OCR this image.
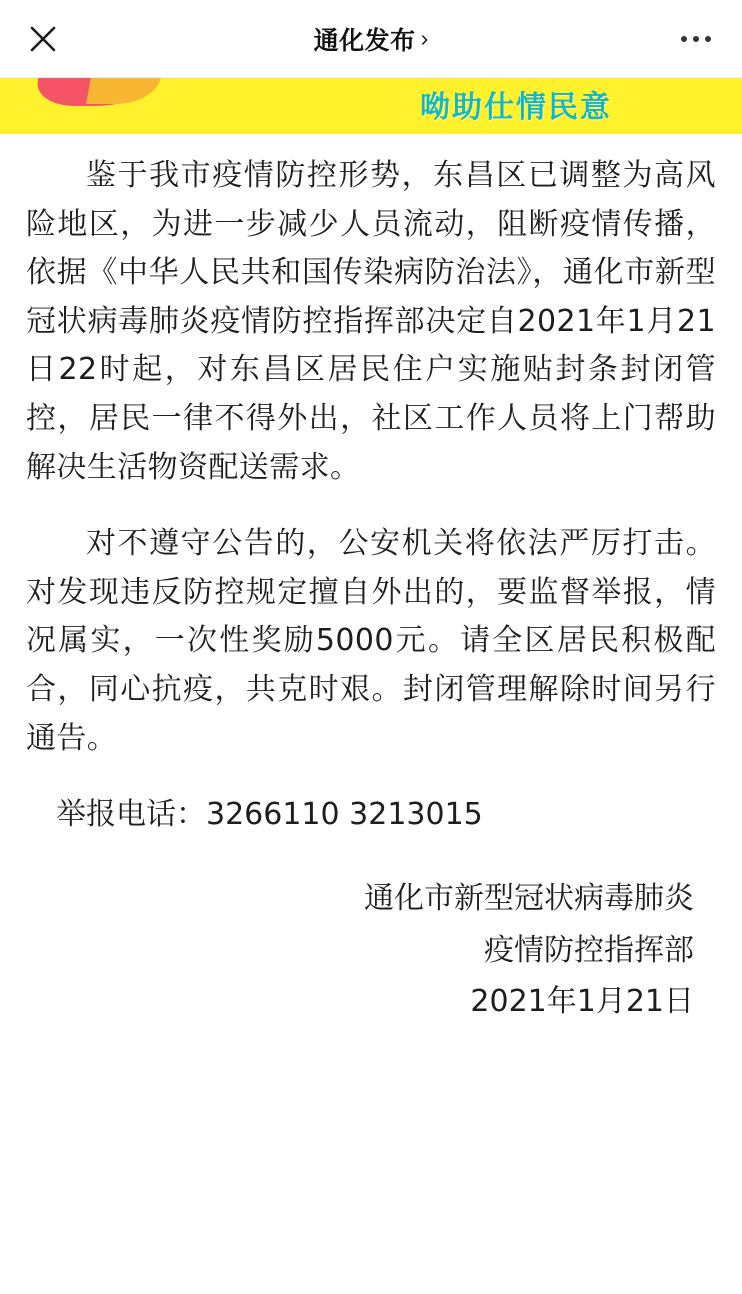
通化发布 ›
呦助仕情民意

鉴于我市疫情防控形势，东昌区已调整为高风险地区，为进一步减少人员流动，阻断疫情传播，依据《中华人民共和国传染病防治法》，通化市新型冠状病毒肺炎疫情防控指挥部决定自2021年1月21日22时起，对东昌区居民住户实施贴封条封闭管控，居民一律不得外出，社区工作人员将上门帮助解决生活物资配送需求。

对不遵守公告的，公安机关将依法严厉打击。对发现违反防控规定擅自外出的，要监督举报，情况属实，一次性奖励5000元。请全区居民积极配合，同心抗疫，共克时艰。封闭管理解除时间另行通告。

举报电话：3266110 3213015

通化市新型冠状病毒肺炎
疫情防控指挥部
2021年1月21日
